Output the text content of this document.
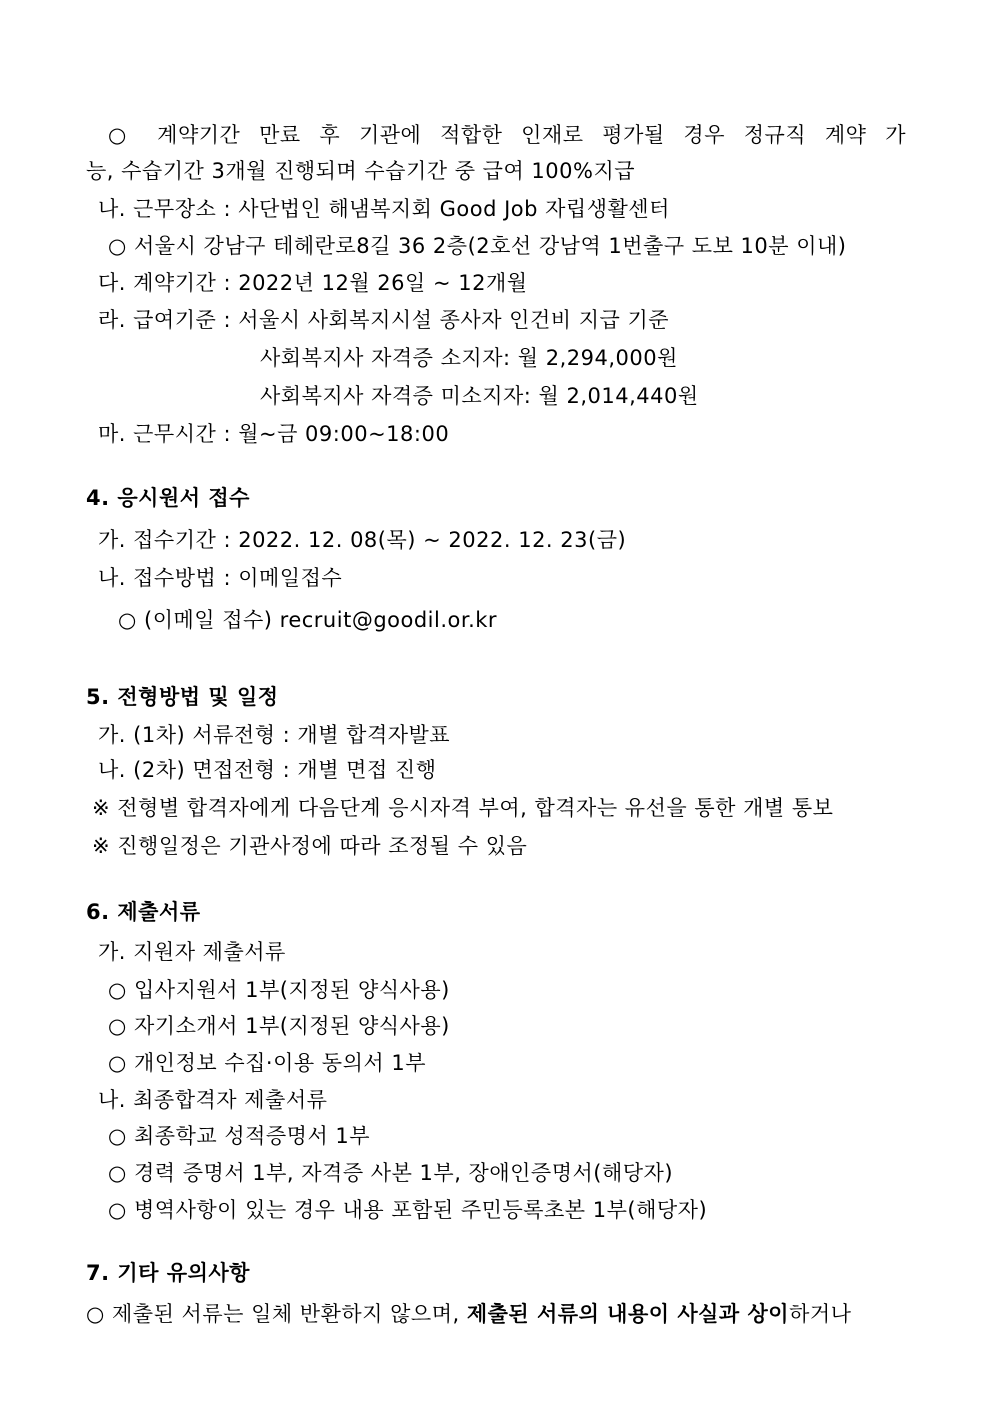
○ 계약기간 만료 후 기관에 적합한 인재로 평가될 경우 정규직 계약 가
능, 수습기간 3개월 진행되며 수습기간 중 급여 100%지급
나. 근무장소 : 사단법인 해냄복지회 Good Job 자립생활센터
○ 서울시 강남구 테헤란로8길 36 2층(2호선 강남역 1번출구 도보 10분 이내)
다. 계약기간 : 2022년 12월 26일 ~ 12개월
라. 급여기준 : 서울시 사회복지시설 종사자 인건비 지급 기준
사회복지사 자격증 소지자: 월 2,294,000원
사회복지사 자격증 미소지자: 월 2,014,440원
마. 근무시간 : 월~금 09:00~18:00
4. 응시원서 접수
가. 접수기간 : 2022. 12. 08(목) ~ 2022. 12. 23(금)
나. 접수방법 : 이메일접수
○ (이메일 접수) recruit@goodil.or.kr
5. 전형방법 및 일정
가. (1차) 서류전형 : 개별 합격자발표
나. (2차) 면접전형 : 개별 면접 진행
※ 전형별 합격자에게 다음단계 응시자격 부여, 합격자는 유선을 통한 개별 통보
※ 진행일정은 기관사정에 따라 조정될 수 있음
6. 제출서류
가. 지원자 제출서류
○ 입사지원서 1부(지정된 양식사용)
○ 자기소개서 1부(지정된 양식사용)
○ 개인정보 수집·이용 동의서 1부
나. 최종합격자 제출서류
○ 최종학교 성적증명서 1부
○ 경력 증명서 1부, 자격증 사본 1부, 장애인증명서(해당자)
○ 병역사항이 있는 경우 내용 포함된 주민등록초본 1부(해당자)
7. 기타 유의사항
○ 제출된 서류는 일체 반환하지 않으며, 제출된 서류의 내용이 사실과 상이하거나
